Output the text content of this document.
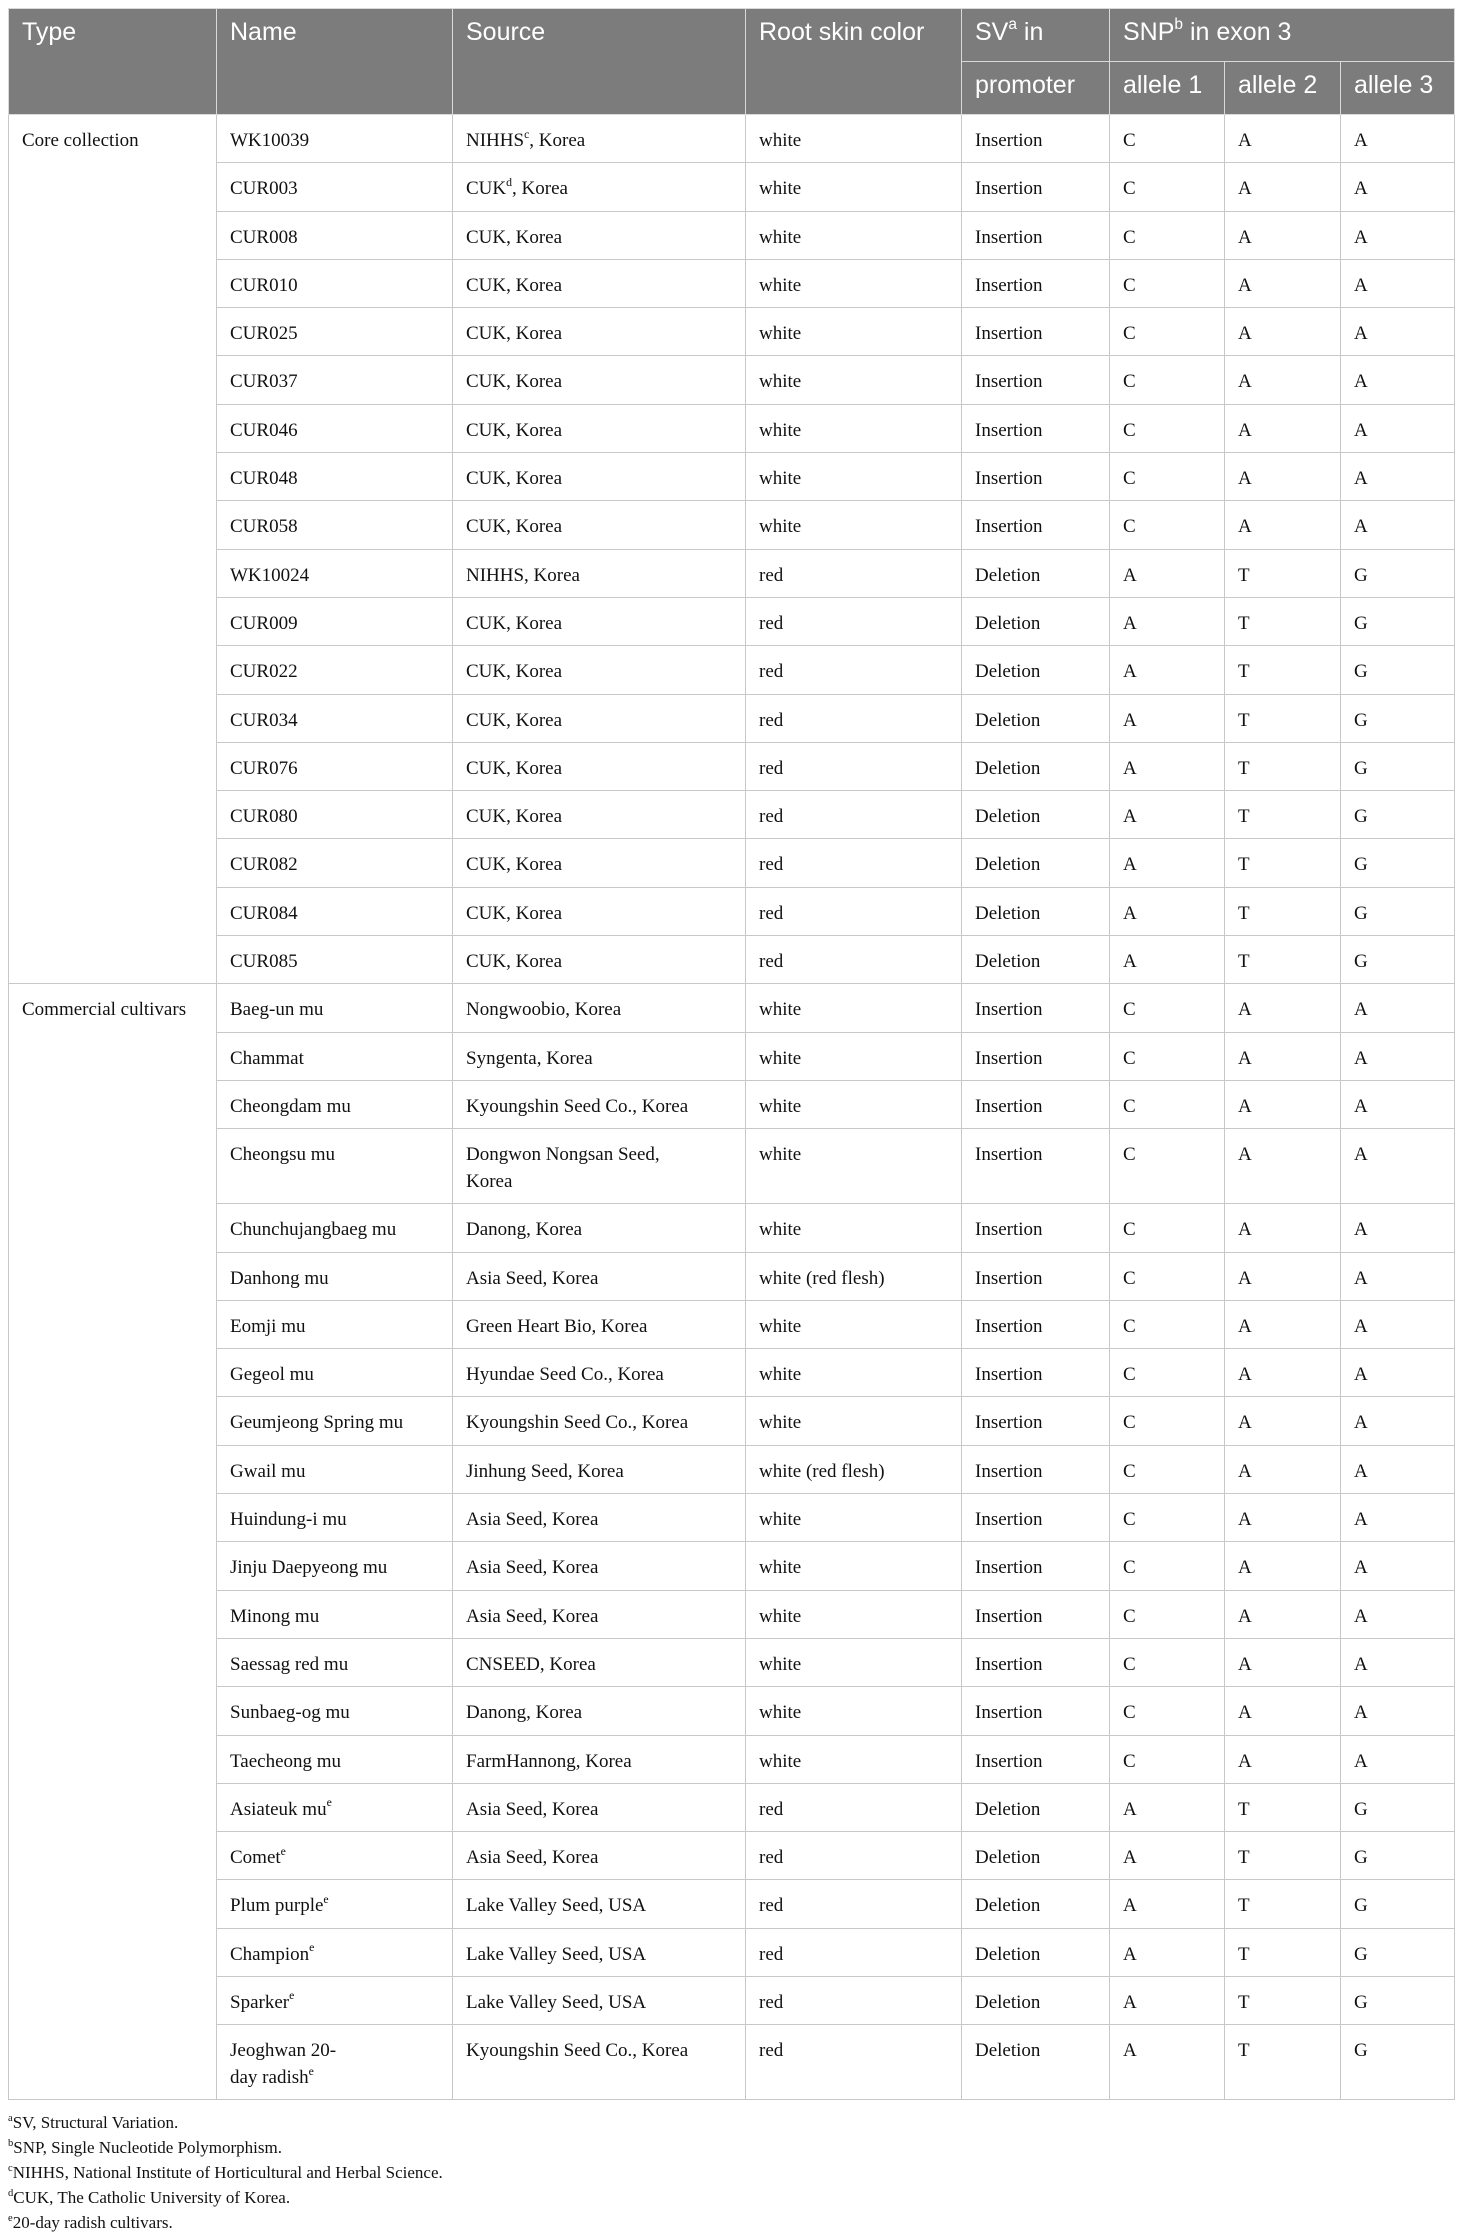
Type	Name	Source	Root skin color	$SV^a$ in	SNP$^b$ in exon 3		
				promoter	allele 1	allele 2	allele 3
Core collection	WK10039	NIHHS$^c$, Korea	white	Insertion	C	A	A
	CUR003	CUK$^d$, Korea	white	Insertion	C	A	A
	CUR008	CUK, Korea	white	Insertion	C	A	A
	CUR010	CUK, Korea	white	Insertion	C	A	A
	CUR025	CUK, Korea	white	Insertion	C	A	A
	CUR037	CUK, Korea	white	Insertion	C	A	A
	CUR046	CUK, Korea	white	Insertion	C	A	A
	CUR048	CUK, Korea	white	Insertion	C	A	A
	CUR058	CUK, Korea	white	Insertion	C	A	A
	WK10024	NIHHS, Korea	red	Deletion	A	T	G
	CUR009	CUK, Korea	red	Deletion	A	T	G
	CUR022	CUK, Korea	red	Deletion	A	T	G
	CUR034	CUK, Korea	red	Deletion	A	T	G
	CUR076	CUK, Korea	red	Deletion	A	T	G
	CUR080	CUK, Korea	red	Deletion	A	T	G
	CUR082	CUK, Korea	red	Deletion	A	T	G
	CUR084	CUK, Korea	red	Deletion	A	T	G
	CUR085	CUK, Korea	red	Deletion	A	T	G
Commercial cultivars	Baeg-un mu	Nongwoobio, Korea	white	Insertion	C	A	A
	Chammat	Syngenta, Korea	white	Insertion	C	A	A
	Cheongdam mu	Kyoungshin Seed Co., Korea	white	Insertion	C	A	A
	Cheongsu mu	Dongwon Nongsan Seed, Korea	white	Insertion	C	A	A
	Chunchujangbaeg mu	Danong, Korea	white	Insertion	C	A	A
	Danhong mu	Asia Seed, Korea	white (red flesh)	Insertion	C	A	A
	Eomji mu	Green Heart Bio, Korea	white	Insertion	C	A	A
	Gegeol mu	Hyundae Seed Co., Korea	white	Insertion	C	A	A
	Geumjeong Spring mu	Kyoungshin Seed Co., Korea	white	Insertion	C	A	A
	Gwail mu	Jinhung Seed, Korea	white (red flesh)	Insertion	C	A	A
	Huindung-i mu	Asia Seed, Korea	white	Insertion	C	A	A
	Jinju Daepyeong mu	Asia Seed, Korea	white	Insertion	C	A	A
	Minong mu	Asia Seed, Korea	white	Insertion	C	A	A
	Saessag red mu	CNSEED, Korea	white	Insertion	C	A	A
	Sunbaeg-og mu	Danong, Korea	white	Insertion	C	A	A
	Taecheong mu	FarmHannong, Korea	white	Insertion	C	A	A
	Asiateuk $mu^e$	Asia Seed, Korea	red	Deletion	A	T	G
	Comet$^e$	Asia Seed, Korea	red	Deletion	A	T	G
	Plum purple$^e$	Lake Valley Seed, USA	red	Deletion	A	T	G
	Champion$^e$	Lake Valley Seed, USA	red	Deletion	A	T	G
	Sparker$^e$	Lake Valley Seed, USA	red	Deletion	A	T	G
	Jeoghwan 20-day radish$^e$	Kyoungshin Seed Co., Korea	red	Deletion	A	T	G
$^a$SV, Structural Variation.
$^b$SNP, Single Nucleotide Polymorphism.
$^c$NIHHS, National Institute of Horticultural and Herbal Science.
$^d$CUK, The Catholic University of Korea.
$^e$20-day radish cultivars.
